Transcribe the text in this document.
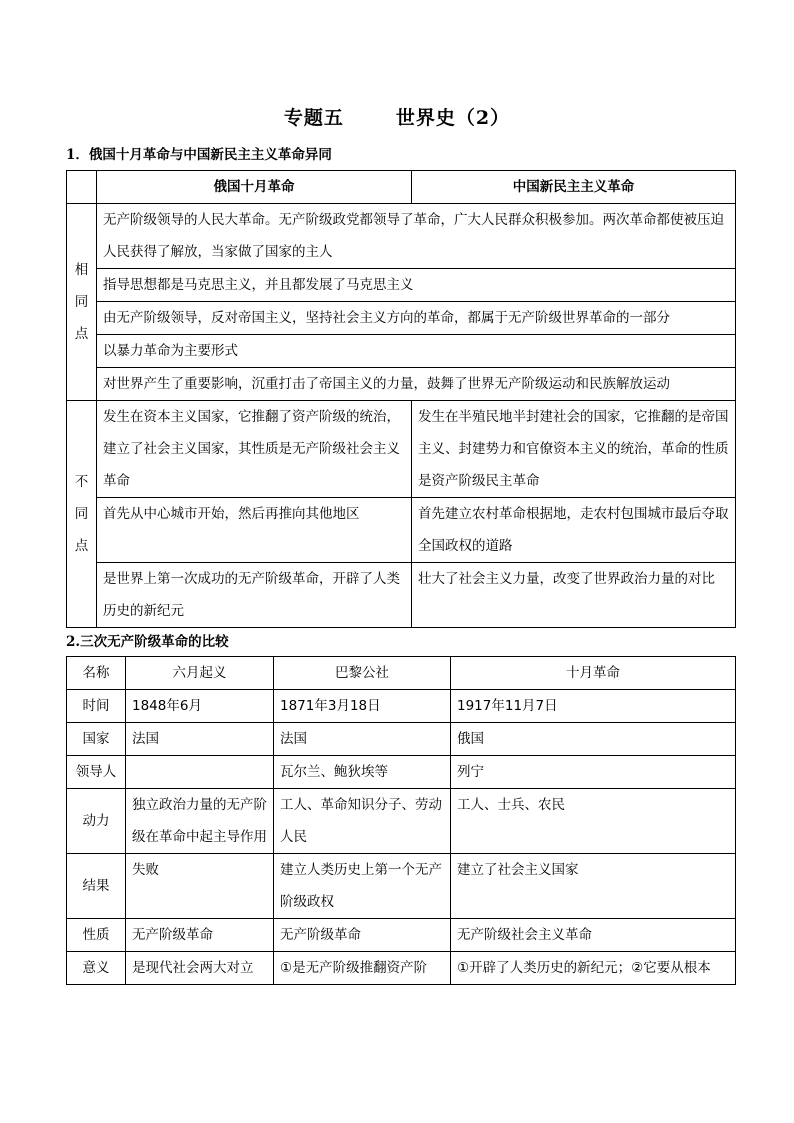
专题五	世界史（2）
1．俄国十月革命与中国新民主主义革命异同
	俄国十月革命	中国新民主主义革命

相
同
点	无产阶级领导的人民大革命。无产阶级政党都领导了革命，广大人民群众积极参加。两次革命都使被压迫人民获得了解放，当家做了国家的主人	
	指导思想都是马克思主义，并且都发展了马克思主义	
	由无产阶级领导，反对帝国主义，坚持社会主义方向的革命，都属于无产阶级世界革命的一部分	
	以暴力革命为主要形式	
	对世界产生了重要影响，沉重打击了帝国主义的力量，鼓舞了世界无产阶级运动和民族解放运动	

不
同
点	发生在资本主义国家，它推翻了资产阶级的统治，建立了社会主义国家，其性质是无产阶级社会主义革命	发生在半殖民地半封建社会的国家，它推翻的是帝国主义、封建势力和官僚资本主义的统治，革命的性质是资产阶级民主革命
	首先从中心城市开始，然后再推向其他地区	首先建立农村革命根据地，走农村包围城市最后夺取全国政权的道路
	是世界上第一次成功的无产阶级革命，开辟了人类历史的新纪元	壮大了社会主义力量，改变了世界政治力量的对比
2.三次无产阶级革命的比较
名称	六月起义	巴黎公社	十月革命
时间	1848年6月	1871年3月18日	1917年11月7日
国家	法国	法国	俄国
领导人		瓦尔兰、鲍狄埃等	列宁
动力	独立政治力量的无产阶级在革命中起主导作用	工人、革命知识分子、劳动人民	工人、士兵、农民
结果	失败	建立人类历史上第一个无产阶级政权	建立了社会主义国家
性质	无产阶级革命	无产阶级革命	无产阶级社会主义革命
意义	是现代社会两大对立	①是无产阶级推翻资产阶	①开辟了人类历史的新纪元；②它要从根本
